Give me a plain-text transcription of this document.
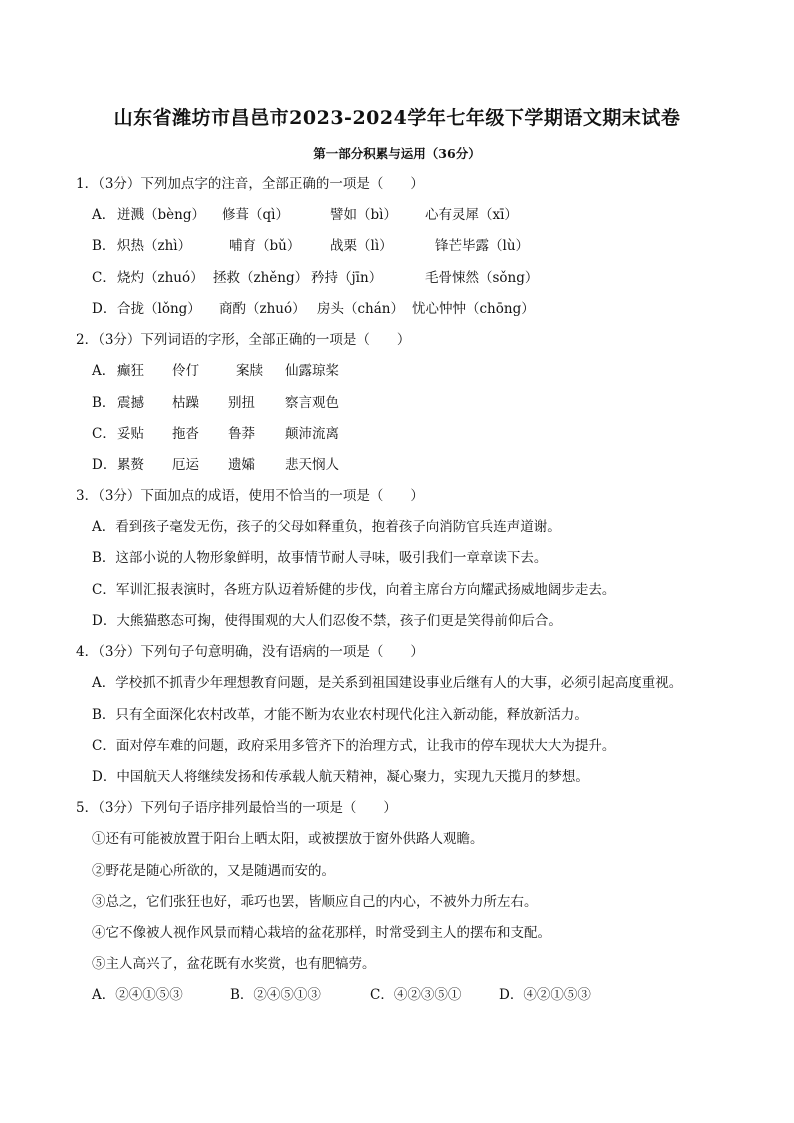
山东省潍坊市昌邑市2023-2024学年七年级下学期语文期末试卷
第一部分积累与运用（36分）
1．（3分）下列加点字的注音，全部正确的一项是（　　）
A． 迸溅（bèng） 修葺（qì）	譬如（bì） 心有灵犀（xī）
B． 炽热（zhì）	哺育（bǔ） 战栗（lì）	锋芒毕露（lù）
C． 烧灼（zhuó） 拯救（zhěng） 矜持（jīn）	毛骨悚然（sǒng）
D． 合拢（lǒng） 商酌（zhuó） 房头（chán） 忧心忡忡（chōng）
2．（3分）下列词语的字形，全部正确的一项是（　　）
A． 癫狂 伶仃	案牍 仙露琼桨
B． 震撼 枯躁 别扭 察言观色
C． 妥贴 拖沓 鲁莽 颠沛流离
D． 累赘 厄运 遗孀 悲天悯人
3．（3分）下面加点的成语，使用不恰当的一项是（　　）
A．看到孩子毫发无伤，孩子的父母如释重负，抱着孩子向消防官兵连声道谢。
B．这部小说的人物形象鲜明，故事情节耐人寻味，吸引我们一章章读下去。
C．军训汇报表演时，各班方队迈着矫健的步伐，向着主席台方向耀武扬威地阔步走去。
D．大熊猫憨态可掬，使得围观的大人们忍俊不禁，孩子们更是笑得前仰后合。
4．（3分）下列句子句意明确，没有语病的一项是（　　）
A．学校抓不抓青少年理想教育问题，是关系到祖国建设事业后继有人的大事，必须引起高度重视。
B．只有全面深化农村改革，才能不断为农业农村现代化注入新动能，释放新活力。
C．面对停车难的问题，政府采用多管齐下的治理方式，让我市的停车现状大大为提升。
D．中国航天人将继续发扬和传承载人航天精神，凝心聚力，实现九天揽月的梦想。
5．（3分）下列句子语序排列最恰当的一项是（　　）
①还有可能被放置于阳台上晒太阳，或被摆放于窗外供路人观瞻。
②野花是随心所欲的，又是随遇而安的。
③总之，它们张狂也好，乖巧也罢，皆顺应自己的内心，不被外力所左右。
④它不像被人视作风景而精心栽培的盆花那样，时常受到主人的摆布和支配。
⑤主人高兴了，盆花既有水奖赏，也有肥犒劳。
A．②④①⑤③	B．②④⑤①③	C．④②③⑤①	D．④②①⑤③
